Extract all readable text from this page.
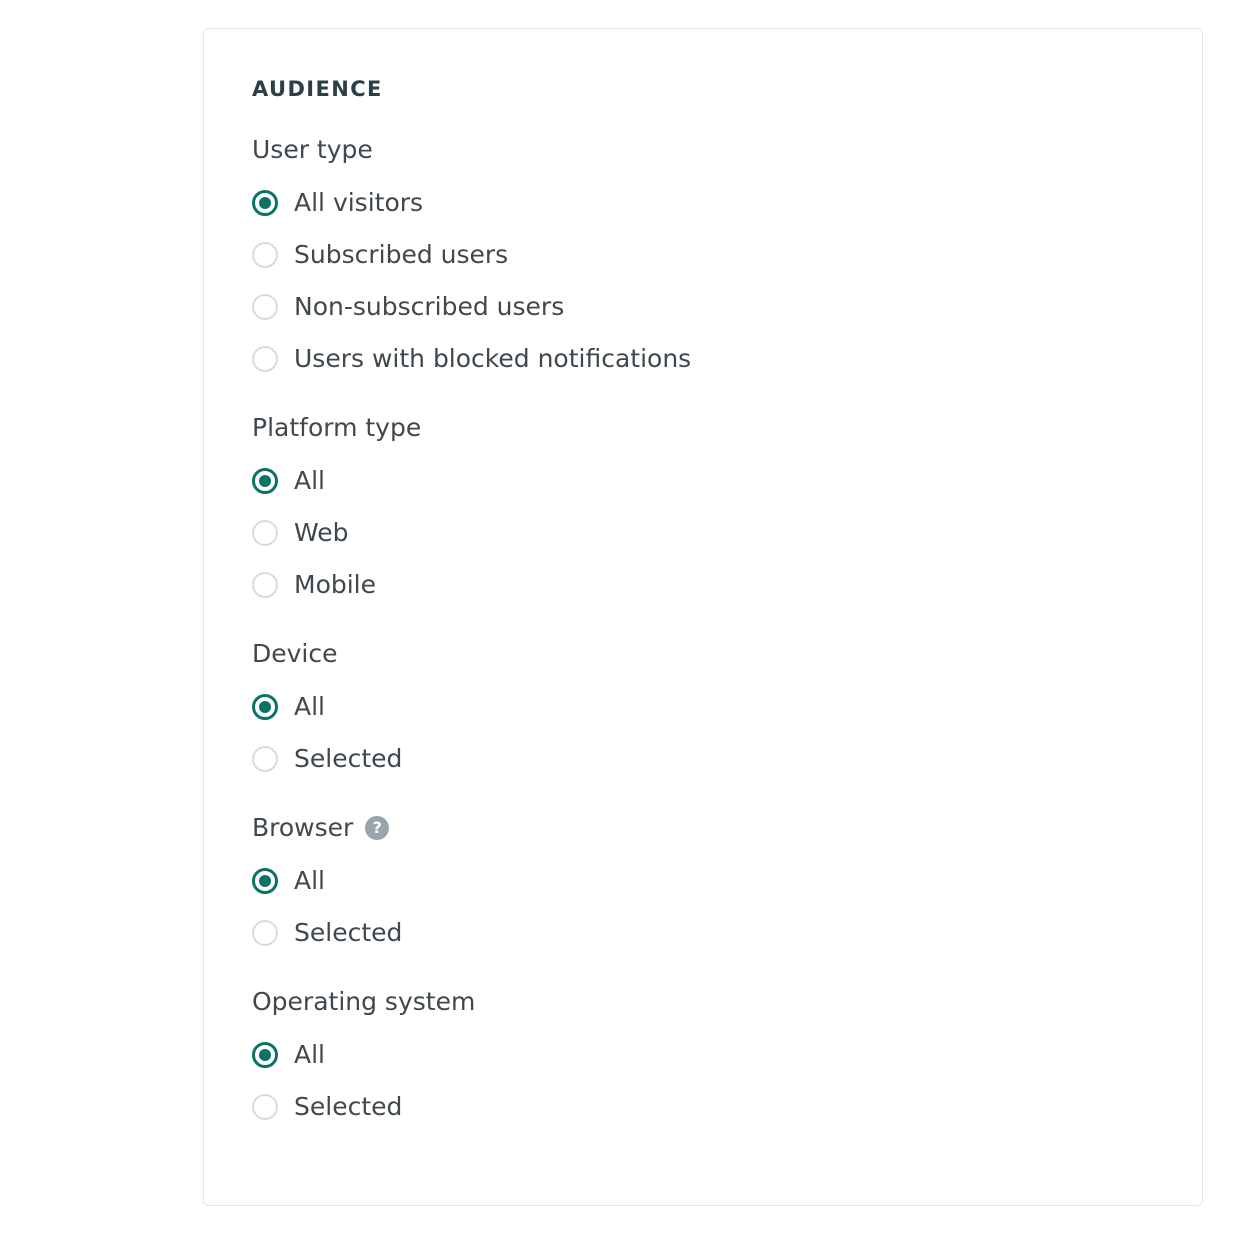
AUDIENCE
User type
All visitors
Subscribed users
Non-subscribed users
Users with blocked notifications
Platform type
All
Web
Mobile
Device
All
Selected
Browser	?
All
Selected
Operating system
All
Selected
